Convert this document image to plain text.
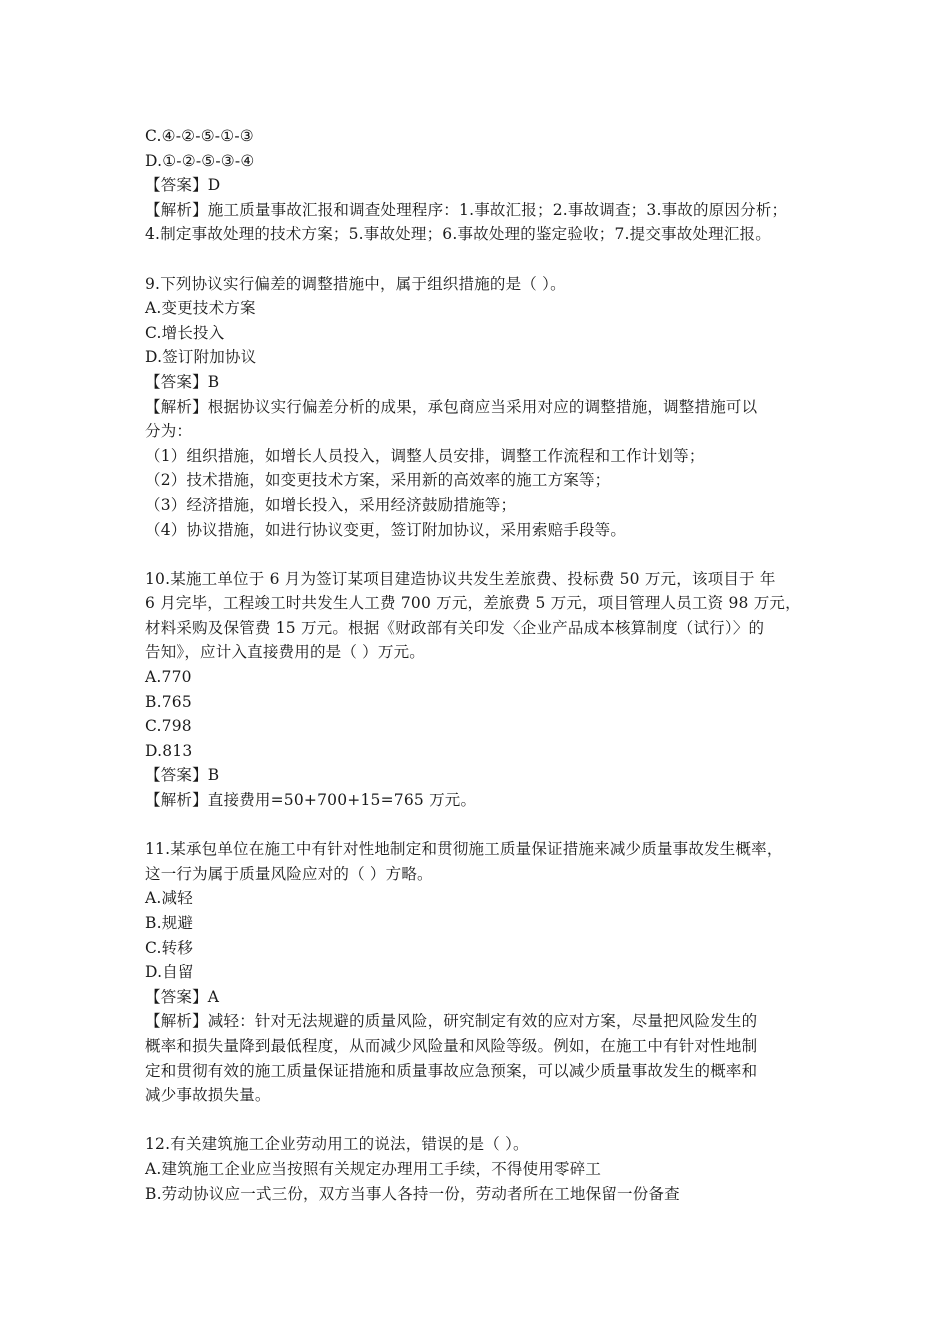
C.④-②-⑤-①-③
D.①-②-⑤-③-④
【答案】D
【解析】施工质量事故汇报和调查处理程序：1.事故汇报；2.事故调查；3.事故的原因分析；
4.制定事故处理的技术方案；5.事故处理；6.事故处理的鉴定验收；7.提交事故处理汇报。
9.下列协议实行偏差的调整措施中，属于组织措施的是（ ）。
A.变更技术方案
C.增长投入
D.签订附加协议
【答案】B
【解析】根据协议实行偏差分析的成果，承包商应当采用对应的调整措施，调整措施可以
分为：
（1）组织措施，如增长人员投入，调整人员安排，调整工作流程和工作计划等；
（2）技术措施，如变更技术方案，采用新的高效率的施工方案等；
（3）经济措施，如增长投入，采用经济鼓励措施等；
（4）协议措施，如进行协议变更，签订附加协议，采用索赔手段等。
10.某施工单位于 6 月为签订某项目建造协议共发生差旅费、投标费 50 万元，该项目于 年
6 月完毕，工程竣工时共发生人工费 700 万元，差旅费 5 万元，项目管理人员工资 98 万元，
材料采购及保管费 15 万元。根据《财政部有关印发〈企业产品成本核算制度（试行）〉的
告知》，应计入直接费用的是（ ）万元。
A.770
B.765
C.798
D.813
【答案】B
【解析】直接费用=50+700+15=765 万元。
11.某承包单位在施工中有针对性地制定和贯彻施工质量保证措施来减少质量事故发生概率，
这一行为属于质量风险应对的（ ）方略。
A.减轻
B.规避
C.转移
D.自留
【答案】A
【解析】减轻：针对无法规避的质量风险，研究制定有效的应对方案，尽量把风险发生的
概率和损失量降到最低程度，从而减少风险量和风险等级。例如，在施工中有针对性地制
定和贯彻有效的施工质量保证措施和质量事故应急预案，可以减少质量事故发生的概率和
减少事故损失量。
12.有关建筑施工企业劳动用工的说法，错误的是（ ）。
A.建筑施工企业应当按照有关规定办理用工手续，不得使用零碎工
B.劳动协议应一式三份，双方当事人各持一份，劳动者所在工地保留一份备查
